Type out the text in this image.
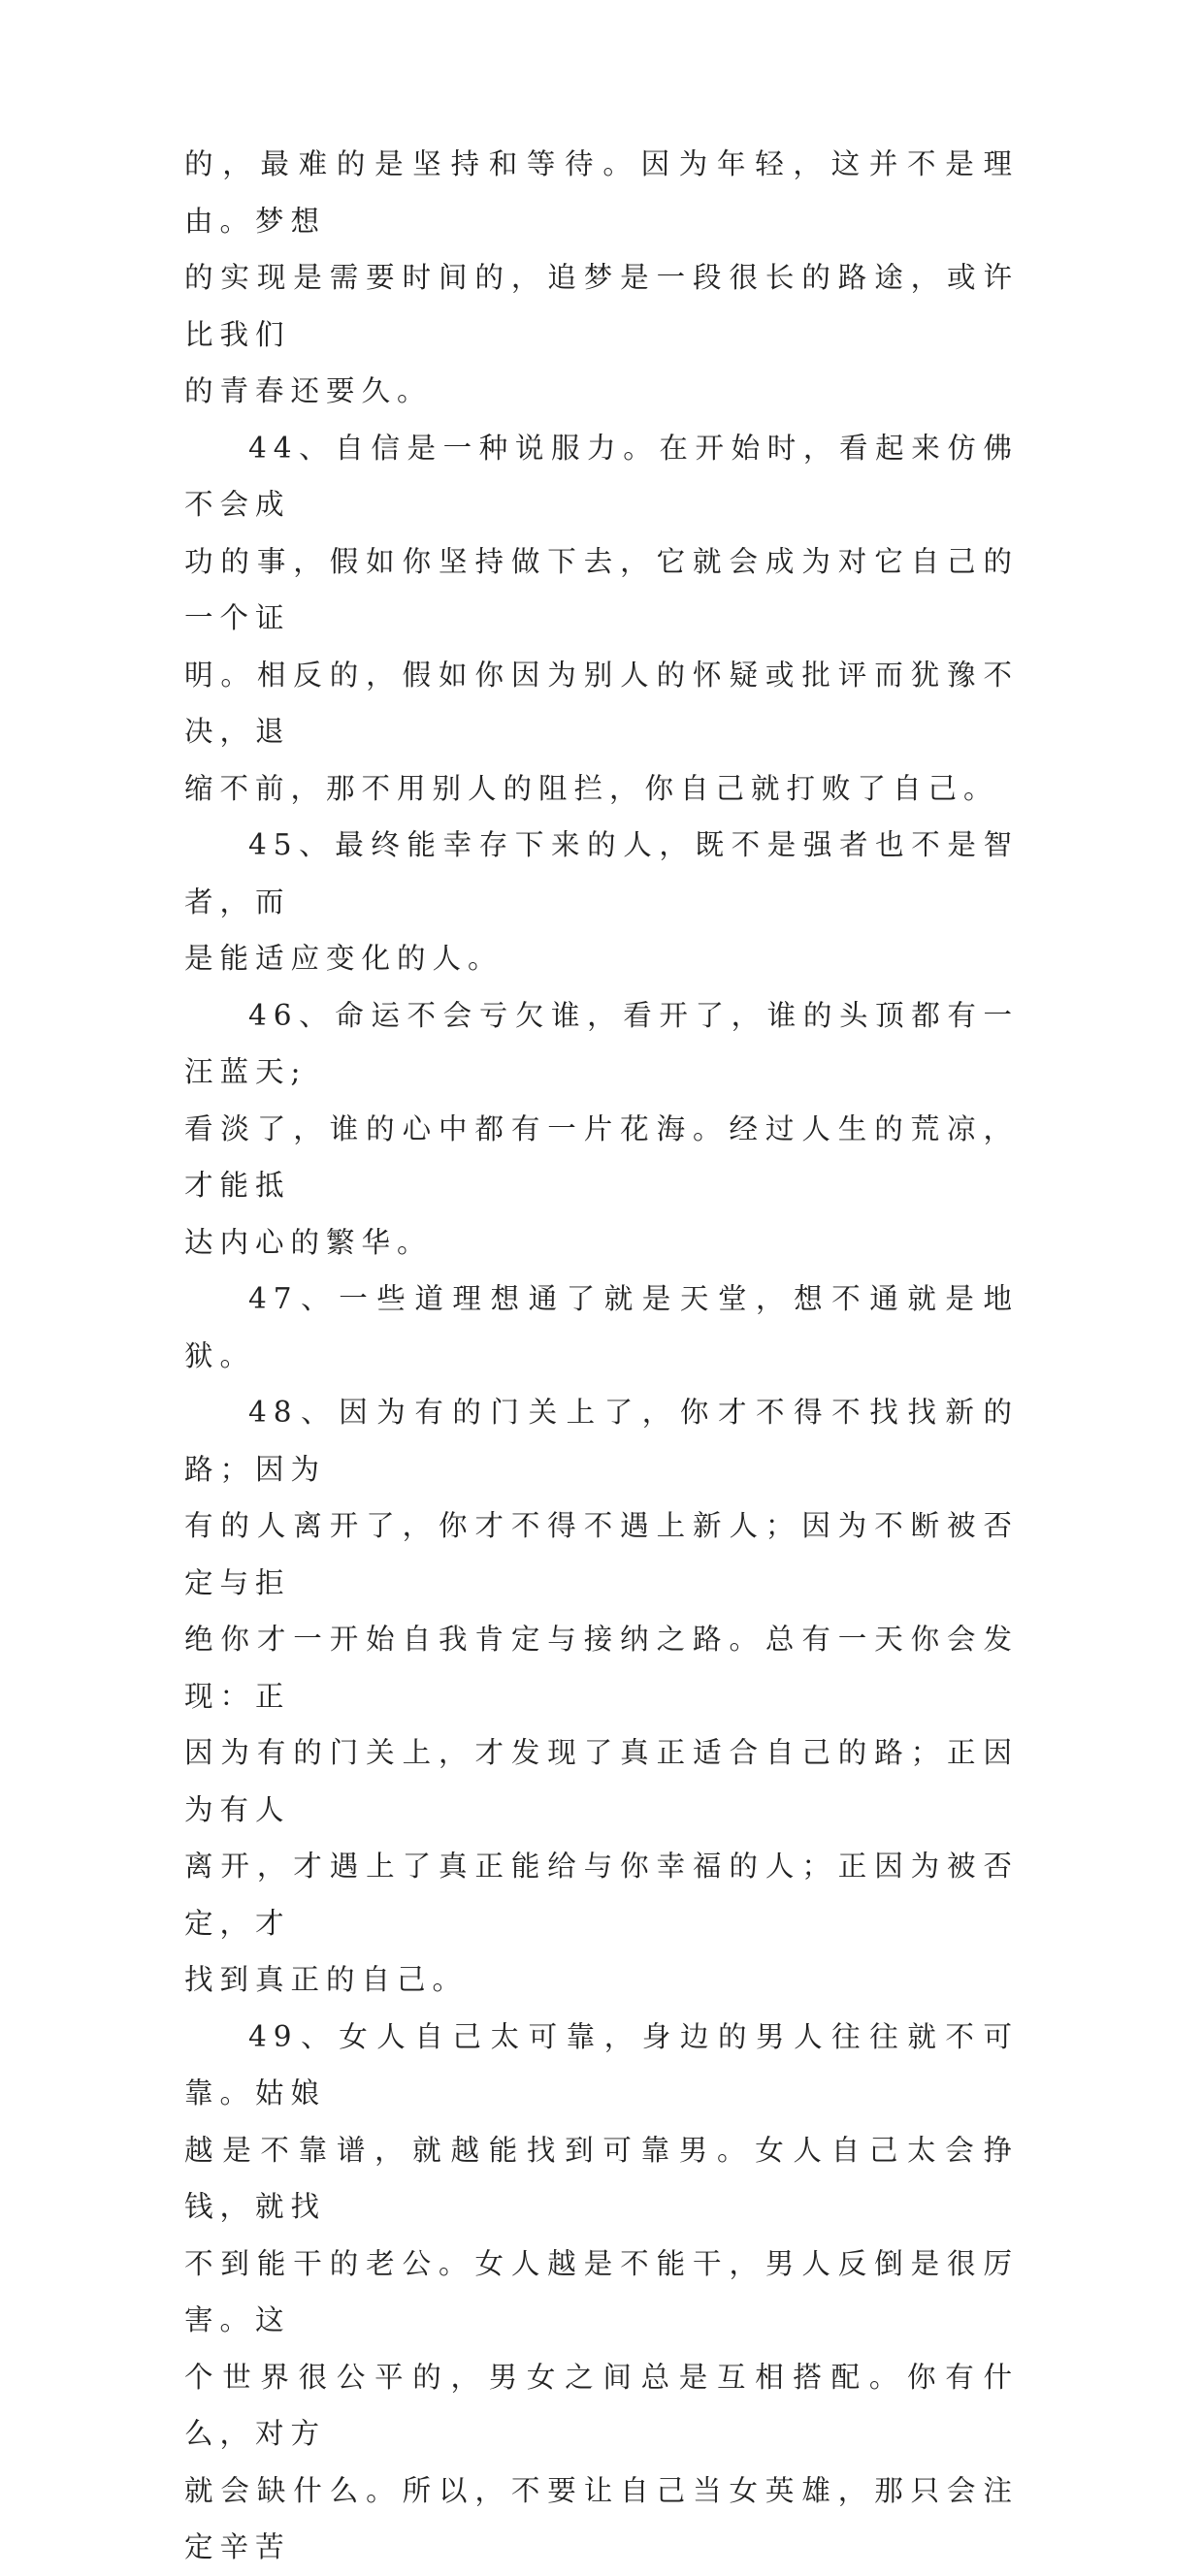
的，最难的是坚持和等待。因为年轻，这并不是理由。梦想
的实现是需要时间的，追梦是一段很长的路途，或许比我们
的青春还要久。

44、自信是一种说服力。在开始时，看起来仿佛不会成
功的事，假如你坚持做下去，它就会成为对它自己的一个证
明。相反的，假如你因为别人的怀疑或批评而犹豫不决，退
缩不前，那不用别人的阻拦，你自己就打败了自己。

45、最终能幸存下来的人，既不是强者也不是智者，而
是能适应变化的人。

46、命运不会亏欠谁，看开了，谁的头顶都有一汪蓝天;
看淡了，谁的心中都有一片花海。经过人生的荒凉，才能抵
达内心的繁华。

47、一些道理想通了就是天堂，想不通就是地狱。

48、因为有的门关上了，你才不得不找找新的路；因为
有的人离开了，你才不得不遇上新人；因为不断被否定与拒
绝你才一开始自我肯定与接纳之路。总有一天你会发现：正
因为有的门关上，才发现了真正适合自己的路；正因为有人
离开，才遇上了真正能给与你幸福的人；正因为被否定，才
找到真正的自己。

49、女人自己太可靠，身边的男人往往就不可靠。姑娘
越是不靠谱，就越能找到可靠男。女人自己太会挣钱，就找
不到能干的老公。女人越是不能干，男人反倒是很厉害。这
个世界很公平的，男女之间总是互相搭配。你有什么，对方
就会缺什么。所以，不要让自己当女英雄，那只会注定辛苦
